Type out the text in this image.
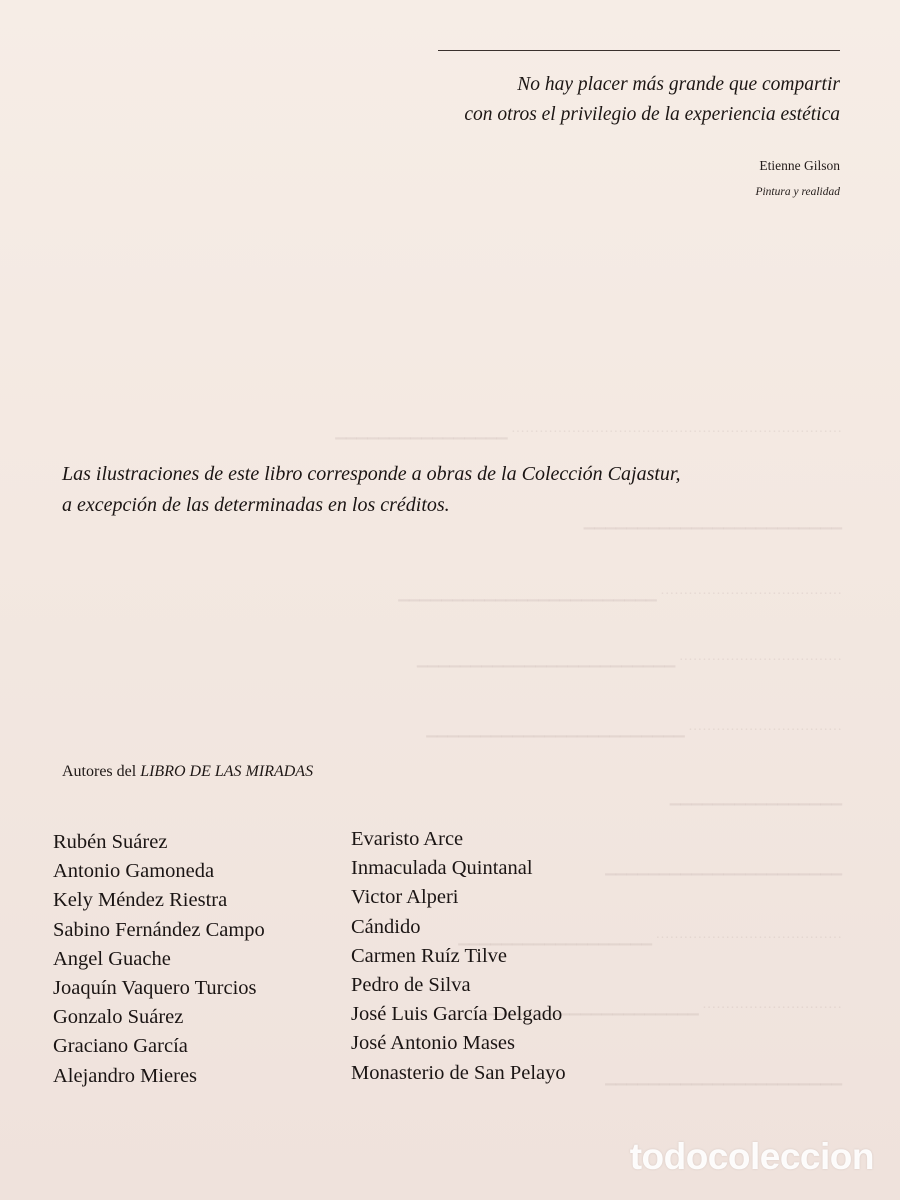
▁▁▁▁▁▁▁▁▁▁▁▁▁▁▁▁ ·······································································
▁▁▁▁▁▁▁▁▁▁▁▁▁▁▁▁▁▁▁▁▁▁▁▁
▁▁▁▁▁▁▁▁▁▁▁▁▁▁▁▁▁▁▁▁▁▁▁▁ ·······································
▁▁▁▁▁▁▁▁▁▁▁▁▁▁▁▁▁▁▁▁▁▁▁▁ ···································
▁▁▁▁▁▁▁▁▁▁▁▁▁▁▁▁▁▁▁▁▁▁▁▁ ·································
▁▁▁▁▁▁▁▁▁▁▁▁▁▁▁▁
▁▁▁▁▁▁▁▁▁▁▁▁▁▁▁▁▁▁▁▁▁▁
▁▁▁▁▁▁▁▁▁▁▁▁▁▁▁▁▁▁ ········································
▁▁▁▁▁▁▁▁▁▁▁▁▁▁▁▁▁▁▁▁ ······························
▁▁▁▁▁▁▁▁▁▁▁▁▁▁▁▁▁▁▁▁▁▁
No hay placer más grande que compartir
con otros el privilegio de la experiencia estética
Etienne Gilson
Pintura y realidad
Las ilustraciones de este libro corresponde a obras de la Colección Cajastur,
a excepción de las determinadas en los créditos.
Autores del LIBRO DE LAS MIRADAS
Rubén Suárez
Antonio Gamoneda
Kely Méndez Riestra
Sabino Fernández Campo
Angel Guache
Joaquín Vaquero Turcios
Gonzalo Suárez
Graciano García
Alejandro Mieres
Evaristo Arce
Inmaculada Quintanal
Victor Alperi
Cándido
Carmen Ruíz Tilve
Pedro de Silva
José Luis García Delgado
José Antonio Mases
Monasterio de San Pelayo
todocoleccion
